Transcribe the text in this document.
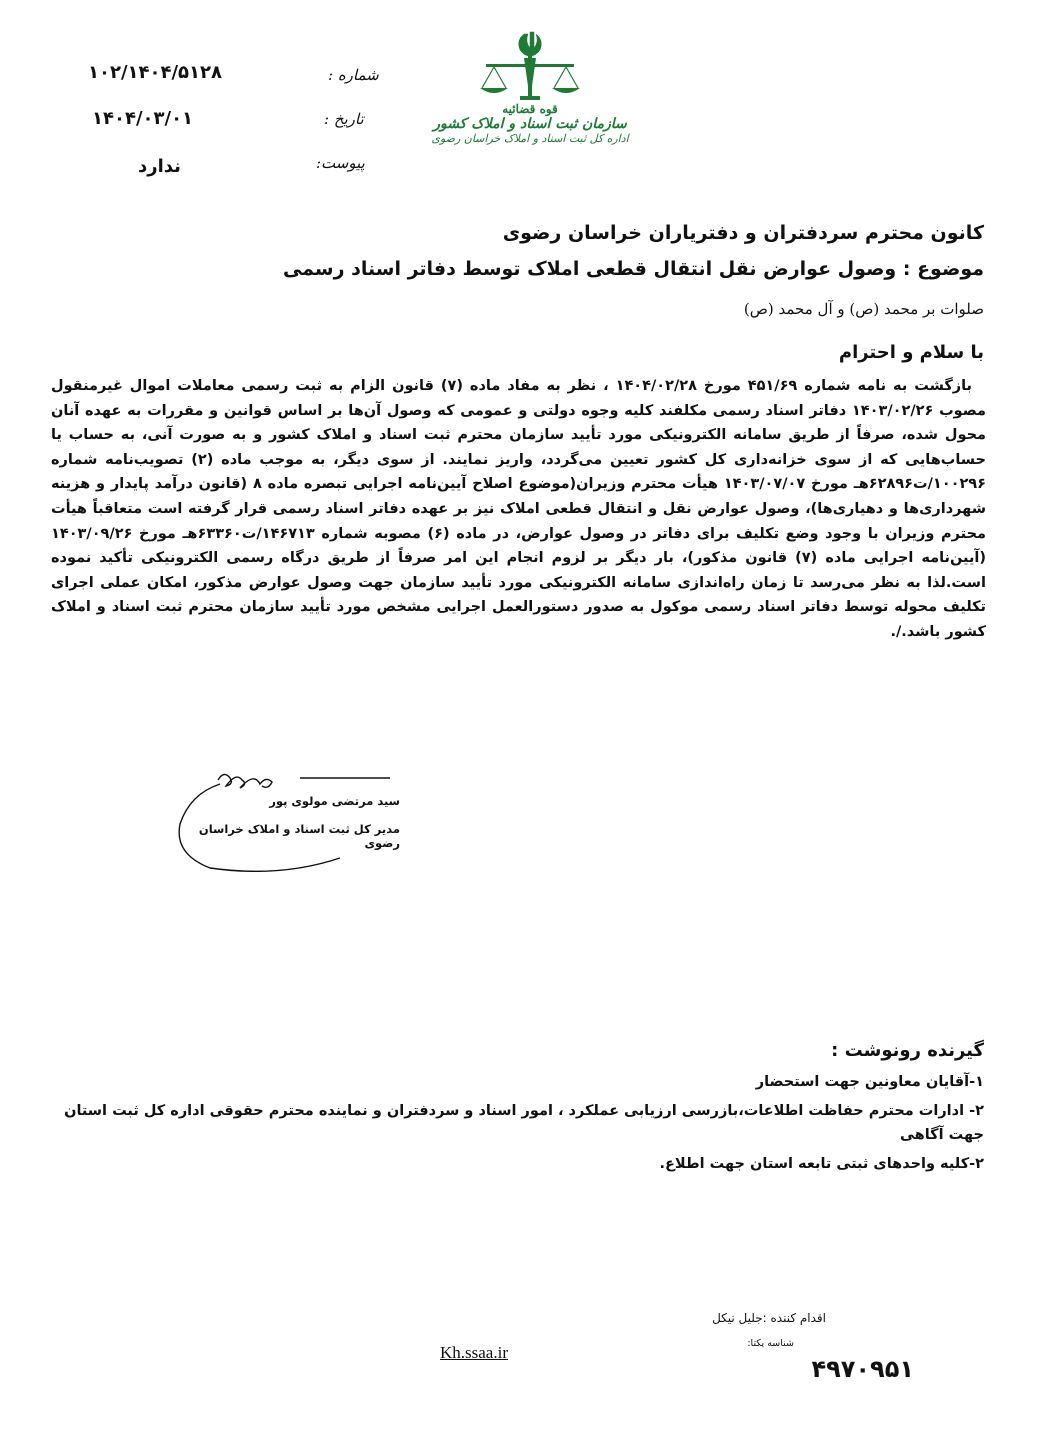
شماره :
۱۰۲/۱۴۰۴/۵۱۲۸
تاریخ :
۱۴۰۴/۰۳/۰۱
پیوست:
ندارد
قوه قضائیه
سازمان ثبت اسناد و املاک کشور
اداره کل ثبت اسناد و املاک خراسان رضوی
کانون محترم سردفتران و دفتریاران خراسان رضوی
موضوع : وصول عوارض نقل انتقال قطعی املاک توسط دفاتر اسناد رسمی
صلوات بر محمد (ص) و آل محمد (ص)
با سلام و احترام
بازگشت به نامه شماره ۴۵۱/۶۹ مورخ ۱۴۰۴/۰۲/۲۸ ، نظر به مفاد ماده (۷) قانون الزام به ثبت رسمی معاملات اموال غیرمنقول مصوب ۱۴۰۳/۰۲/۲۶ دفاتر اسناد رسمی مکلفند کلیه وجوه دولتی و عمومی که وصول آن‌ها بر اساس قوانین و مقررات به عهده آنان محول شده، صرفاً از طریق سامانه الکترونیکی مورد تأیید سازمان محترم ثبت اسناد و املاک کشور و به صورت آنی، به حساب یا حساب‌هایی که از سوی خزانه‌داری کل کشور تعیین می‌گردد، واریز نمایند. از سوی دیگر، به موجب ماده (۲) تصویب‌نامه شماره ۱۰۰۲۹۶/ت۶۲۸۹۶هـ مورخ ۱۴۰۳/۰۷/۰۷ هیأت محترم وزیران(موضوع اصلاح آیین‌نامه اجرایی تبصره ماده ۸ (قانون درآمد پایدار و هزینه شهرداری‌ها و دهیاری‌ها)، وصول عوارض نقل و انتقال قطعی املاک نیز بر عهده دفاتر اسناد رسمی قرار گرفته است متعاقباً هیأت محترم وزیران با وجود وضع تکلیف برای دفاتر در وصول عوارض، در ماده (۶) مصوبه شماره ۱۴۶۷۱۳/ت۶۳۳۶۰هـ مورخ ۱۴۰۳/۰۹/۲۶ (آیین‌نامه اجرایی ماده (۷) قانون مذکور)، بار دیگر بر لزوم انجام این امر صرفاً از طریق درگاه رسمی الکترونیکی تأکید نموده است.لذا به نظر می‌رسد تا زمان راه‌اندازی سامانه الکترونیکی مورد تأیید سازمان جهت وصول عوارض مذکور، امکان عملی اجرای تکلیف محوله توسط دفاتر اسناد رسمی موکول به صدور دستورالعمل اجرایی مشخص مورد تأیید سازمان محترم ثبت اسناد و املاک کشور باشد./.
سید مرتضی مولوی پور
مدیر کل ثبت اسناد و املاک خراسان رضوی
گیرنده رونوشت :
۱-آقایان معاونین جهت استحضار
۲- ادارات محترم حفاظت اطلاعات،بازرسی ارزیابی عملکرد ، امور اسناد و سردفتران و نماینده محترم حقوقی اداره کل ثبت استان جهت آگاهی
۲-کلیه واحدهای ثبتی تابعه استان جهت اطلاع.
اقدام کننده :جلیل نیکل
شناسه یکتا:
۴۹۷۰۹۵۱
Kh.ssaa.ir
